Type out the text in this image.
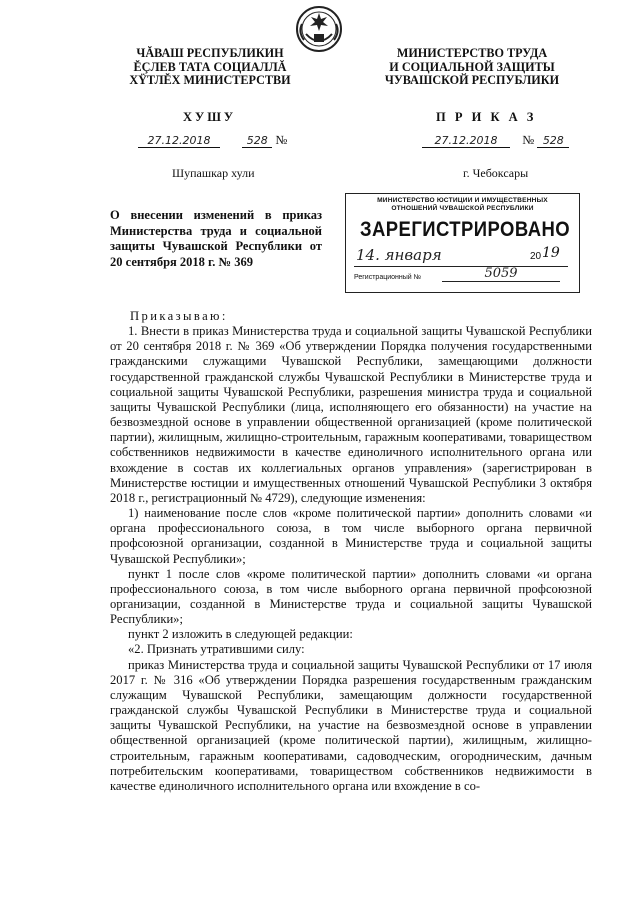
ЧĂВАШ РЕСПУБЛИКИН
ĔÇЛЕВ ТАТА СОЦИАЛЛĂ
ХŸТЛĔХ МИНИСТЕРСТВИ
МИНИСТЕРСТВО ТРУДА
И СОЦИАЛЬНОЙ ЗАЩИТЫ
ЧУВАШСКОЙ РЕСПУБЛИКИ
ХУШУ	П Р И К А З
27.12.2018	528 №	27.12.2018 № 528
Шупашкар хули	г. Чебоксары
О внесении изменений в приказ Министерства труда и социальной защиты Чувашской Республики от 20 сентября 2018 г. № 369
МИНИСТЕРСТВО ЮСТИЦИИ И ИМУЩЕСТВЕННЫХ
ОТНОШЕНИЙ ЧУВАШСКОЙ РЕСПУБЛИКИ
ЗАРЕГИСТРИРОВАНО
14. января	20 19
Регистрационный №	5059
Приказываю:
1. Внести в приказ Министерства труда и социальной защиты Чувашской Республики от 20 сентября 2018 г. № 369 «Об утверждении Порядка получения государственными гражданскими служащими Чувашской Республики, замещающими должности государственной гражданской службы Чувашской Республики в Министерстве труда и социальной защиты Чувашской Республики, разрешения министра труда и социальной защиты Чувашской Республики (лица, исполняющего его обязанности) на участие на безвозмездной основе в управлении общественной организацией (кроме политической партии), жилищным, жилищно-строительным, гаражным кооперативами, товариществом собственников недвижимости в качестве единоличного исполнительного органа или вхождение в состав их коллегиальных органов управления» (зарегистрирован в Министерстве юстиции и имущественных отношений Чувашской Республики 3 октября 2018 г., регистрационный № 4729), следующие изменения:
1) наименование после слов «кроме политической партии» дополнить словами «и органа профессионального союза, в том числе выборного органа первичной профсоюзной организации, созданной в Министерстве труда и социальной защиты Чувашской Республики»;
пункт 1 после слов «кроме политической партии» дополнить словами «и органа профессионального союза, в том числе выборного органа первичной профсоюзной организации, созданной в Министерстве труда и социальной защиты Чувашской Республики»;
пункт 2 изложить в следующей редакции:
«2. Признать утратившими силу:
приказ Министерства труда и социальной защиты Чувашской Республики от 17 июля 2017 г. № 316 «Об утверждении Порядка разрешения государственным гражданским служащим Чувашской Республики, замещающим должности государственной гражданской службы Чувашской Республики в Министерстве труда и социальной защиты Чувашской Республики, на участие на безвозмездной основе в управлении общественной организацией (кроме политической партии), жилищным, жилищно-строительным, гаражным кооперативами, садоводческим, огородническим, дачным потребительским кооперативами, товариществом собственников недвижимости в качестве единоличного исполнительного органа или вхождение в со-
